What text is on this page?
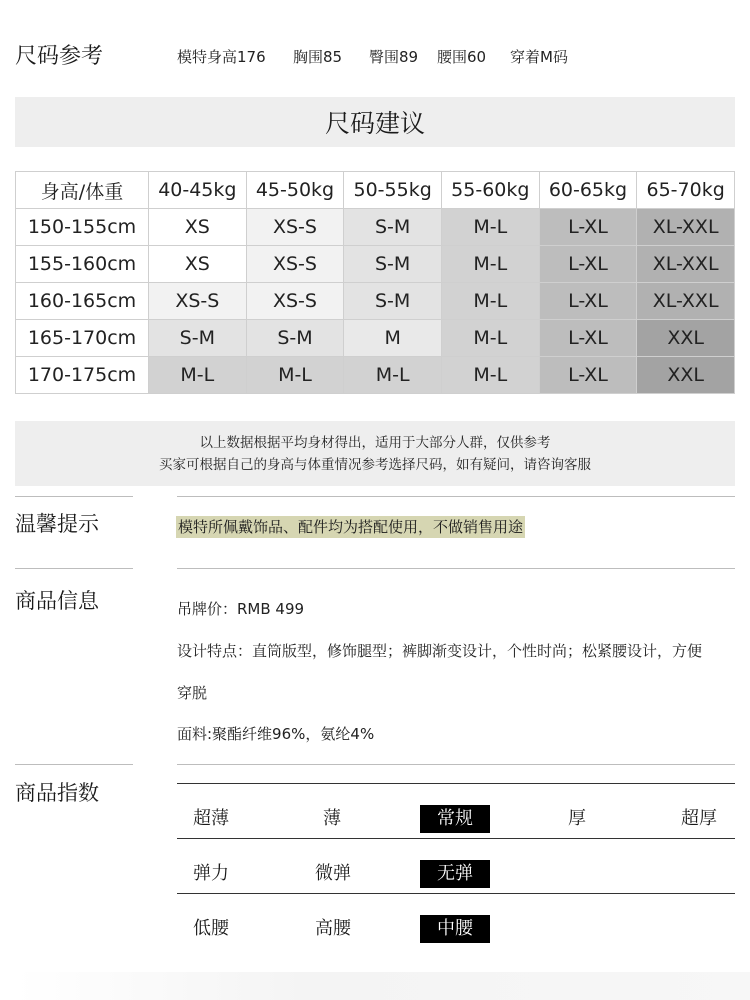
尺码参考	模特身高176 胸围85 臀围89 腰围60 穿着M码
尺码建议
身高/体重	40-45kg	45-50kg	50-55kg	55-60kg	60-65kg	65-70kg
150-155cm	XS	XS-S	S-M	M-L	L-XL	XL-XXL
155-160cm	XS	XS-S	S-M	M-L	L-XL	XL-XXL
160-165cm	XS-S	XS-S	S-M	M-L	L-XL	XL-XXL
165-170cm	S-M	S-M	M	M-L	L-XL	XXL
170-175cm	M-L	M-L	M-L	M-L	L-XL	XXL
以上数据根据平均身材得出，适用于大部分人群，仅供参考
买家可根据自己的身高与体重情况参考选择尺码，如有疑问，请咨询客服
温馨提示	模特所佩戴饰品、配件均为搭配使用，不做销售用途
商品信息	吊牌价：RMB 499
设计特点：直筒版型，修饰腿型；裤脚渐变设计，个性时尚；松紧腰设计，方便
穿脱
面料:聚酯纤维96%，氨纶4%
商品指数
超薄	薄	常规	厚	超厚
弹力	微弹	无弹
低腰	高腰	中腰
